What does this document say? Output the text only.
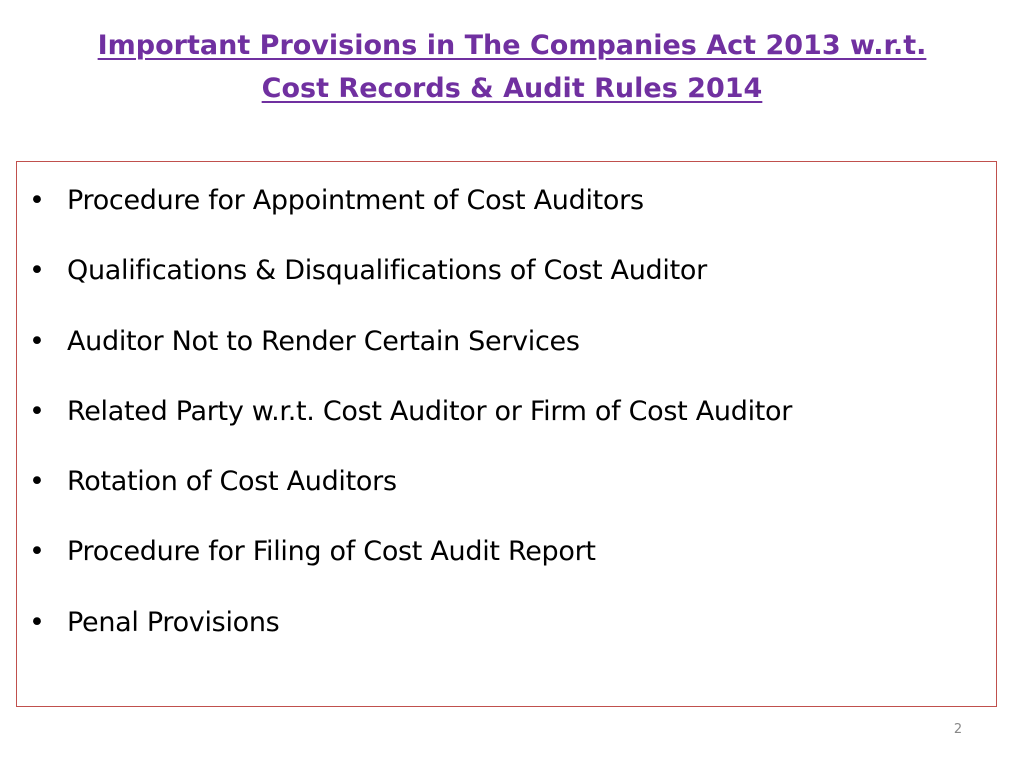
Important Provisions in The Companies Act 2013 w.r.t.
Cost Records & Audit Rules 2014
• Procedure for Appointment of Cost Auditors
• Qualifications & Disqualifications of Cost Auditor
• Auditor Not to Render Certain Services
• Related Party w.r.t. Cost Auditor or Firm of Cost Auditor
• Rotation of Cost Auditors
• Procedure for Filing of Cost Audit Report
• Penal Provisions
2
